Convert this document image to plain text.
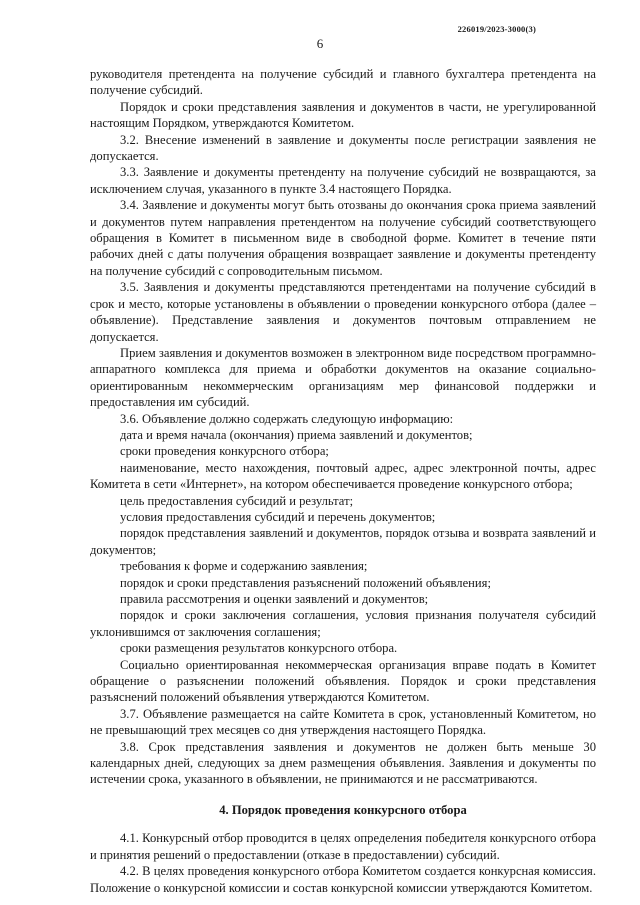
226019/2023-3000(3)
6

руководителя претендента на получение субсидий и главного бухгалтера претендента на получение субсидий.

Порядок и сроки представления заявления и документов в части, не урегулированной настоящим Порядком, утверждаются Комитетом.

3.2. Внесение изменений в заявление и документы после регистрации заявления не допускается.

3.3. Заявление и документы претенденту на получение субсидий не возвращаются, за исключением случая, указанного в пункте 3.4 настоящего Порядка.

3.4. Заявление и документы могут быть отозваны до окончания срока приема заявлений и документов путем направления претендентом на получение субсидий соответствующего обращения в Комитет в письменном виде в свободной форме. Комитет в течение пяти рабочих дней с даты получения обращения возвращает заявление и документы претенденту на получение субсидий с сопроводительным письмом.

3.5. Заявления и документы представляются претендентами на получение субсидий в срок и место, которые установлены в объявлении о проведении конкурсного отбора (далее – объявление). Представление заявления и документов почтовым отправлением не допускается.

Прием заявления и документов возможен в электронном виде посредством программно-аппаратного комплекса для приема и обработки документов на оказание социально-ориентированным некоммерческим организациям мер финансовой поддержки и предоставления им субсидий.

3.6. Объявление должно содержать следующую информацию:

дата и время начала (окончания) приема заявлений и документов;

сроки проведения конкурсного отбора;

наименование, место нахождения, почтовый адрес, адрес электронной почты, адрес Комитета в сети «Интернет», на котором обеспечивается проведение конкурсного отбора;

цель предоставления субсидий и результат;

условия предоставления субсидий и перечень документов;

порядок представления заявлений и документов, порядок отзыва и возврата заявлений и документов;

требования к форме и содержанию заявления;

порядок и сроки представления разъяснений положений объявления;

правила рассмотрения и оценки заявлений и документов;

порядок и сроки заключения соглашения, условия признания получателя субсидий уклонившимся от заключения соглашения;

сроки размещения результатов конкурсного отбора.

Социально ориентированная некоммерческая организация вправе подать в Комитет обращение о разъяснении положений объявления. Порядок и сроки представления разъяснений положений объявления утверждаются Комитетом.

3.7. Объявление размещается на сайте Комитета в срок, установленный Комитетом, но не превышающий трех месяцев со дня утверждения настоящего Порядка.

3.8. Срок представления заявления и документов не должен быть меньше 30 календарных дней, следующих за днем размещения объявления. Заявления и документы по истечении срока, указанного в объявлении, не принимаются и не рассматриваются.

4. Порядок проведения конкурсного отбора

4.1. Конкурсный отбор проводится в целях определения победителя конкурсного отбора и принятия решений о предоставлении (отказе в предоставлении) субсидий.

4.2. В целях проведения конкурсного отбора Комитетом создается конкурсная комиссия. Положение о конкурсной комиссии и состав конкурсной комиссии утверждаются Комитетом.
